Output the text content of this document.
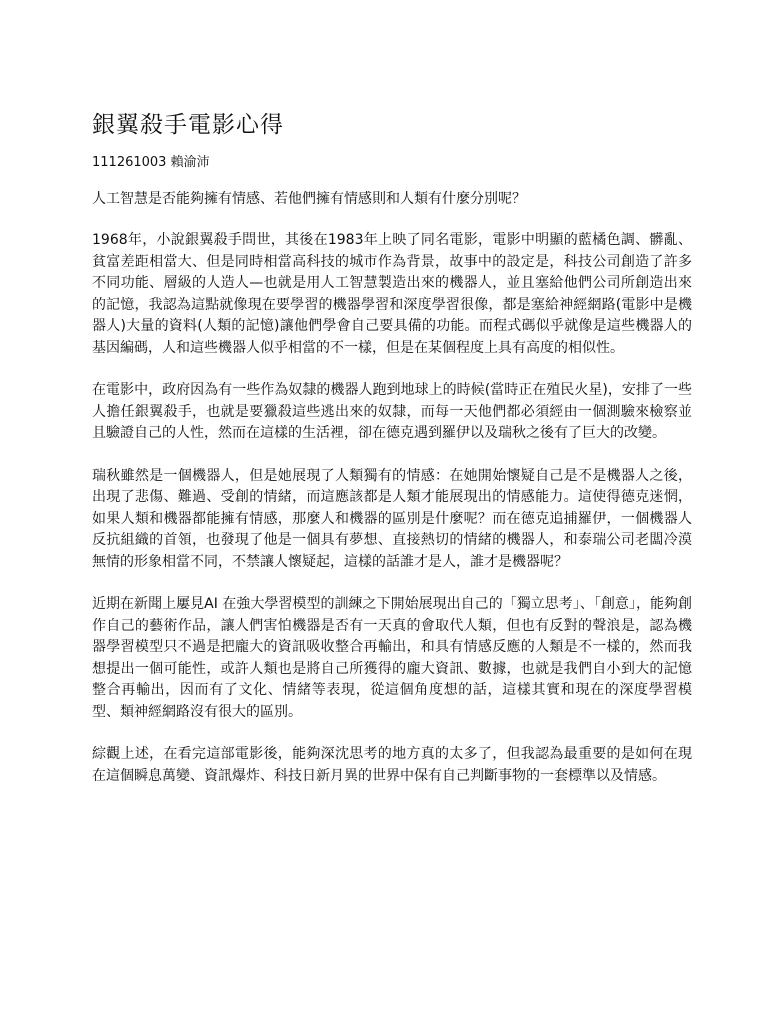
銀翼殺手電影心得

111261003 賴渝沛

人工智慧是否能夠擁有情感、若他們擁有情感則和人類有什麼分別呢？

1968年，小說銀翼殺手問世，其後在1983年上映了同名電影，電影中明顯的藍橘色調、髒亂、貧富差距相當大、但是同時相當高科技的城市作為背景，故事中的設定是，科技公司創造了許多不同功能、層級的人造人—也就是用人工智慧製造出來的機器人，並且塞給他們公司所創造出來的記憶，我認為這點就像現在要學習的機器學習和深度學習很像，都是塞給神經網路(電影中是機器人)大量的資料(人類的記憶)讓他們學會自己要具備的功能。而程式碼似乎就像是這些機器人的基因編碼，人和這些機器人似乎相當的不一樣，但是在某個程度上具有高度的相似性。

在電影中，政府因為有一些作為奴隸的機器人跑到地球上的時候(當時正在殖民火星)，安排了一些人擔任銀翼殺手，也就是要獵殺這些逃出來的奴隸，而每一天他們都必須經由一個測驗來檢察並且驗證自己的人性，然而在這樣的生活裡，卻在德克遇到羅伊以及瑞秋之後有了巨大的改變。

瑞秋雖然是一個機器人，但是她展現了人類獨有的情感：在她開始懷疑自己是不是機器人之後，出現了悲傷、難過、受創的情緒，而這應該都是人類才能展現出的情感能力。這使得德克迷惘，如果人類和機器都能擁有情感，那麼人和機器的區別是什麼呢？而在德克追捕羅伊，一個機器人反抗組織的首領，也發現了他是一個具有夢想、直接熱切的情緒的機器人，和泰瑞公司老闆冷漠無情的形象相當不同，不禁讓人懷疑起，這樣的話誰才是人，誰才是機器呢？

近期在新聞上屢見AI 在強大學習模型的訓練之下開始展現出自己的「獨立思考」、「創意」，能夠創作自己的藝術作品，讓人們害怕機器是否有一天真的會取代人類，但也有反對的聲浪是，認為機器學習模型只不過是把龐大的資訊吸收整合再輸出，和具有情感反應的人類是不一樣的，然而我想提出一個可能性，或許人類也是將自己所獲得的龐大資訊、數據，也就是我們自小到大的記憶整合再輸出，因而有了文化、情緒等表現，從這個角度想的話，這樣其實和現在的深度學習模型、類神經網路沒有很大的區別。

綜觀上述，在看完這部電影後，能夠深沈思考的地方真的太多了，但我認為最重要的是如何在現在這個瞬息萬變、資訊爆炸、科技日新月異的世界中保有自己判斷事物的一套標準以及情感。
